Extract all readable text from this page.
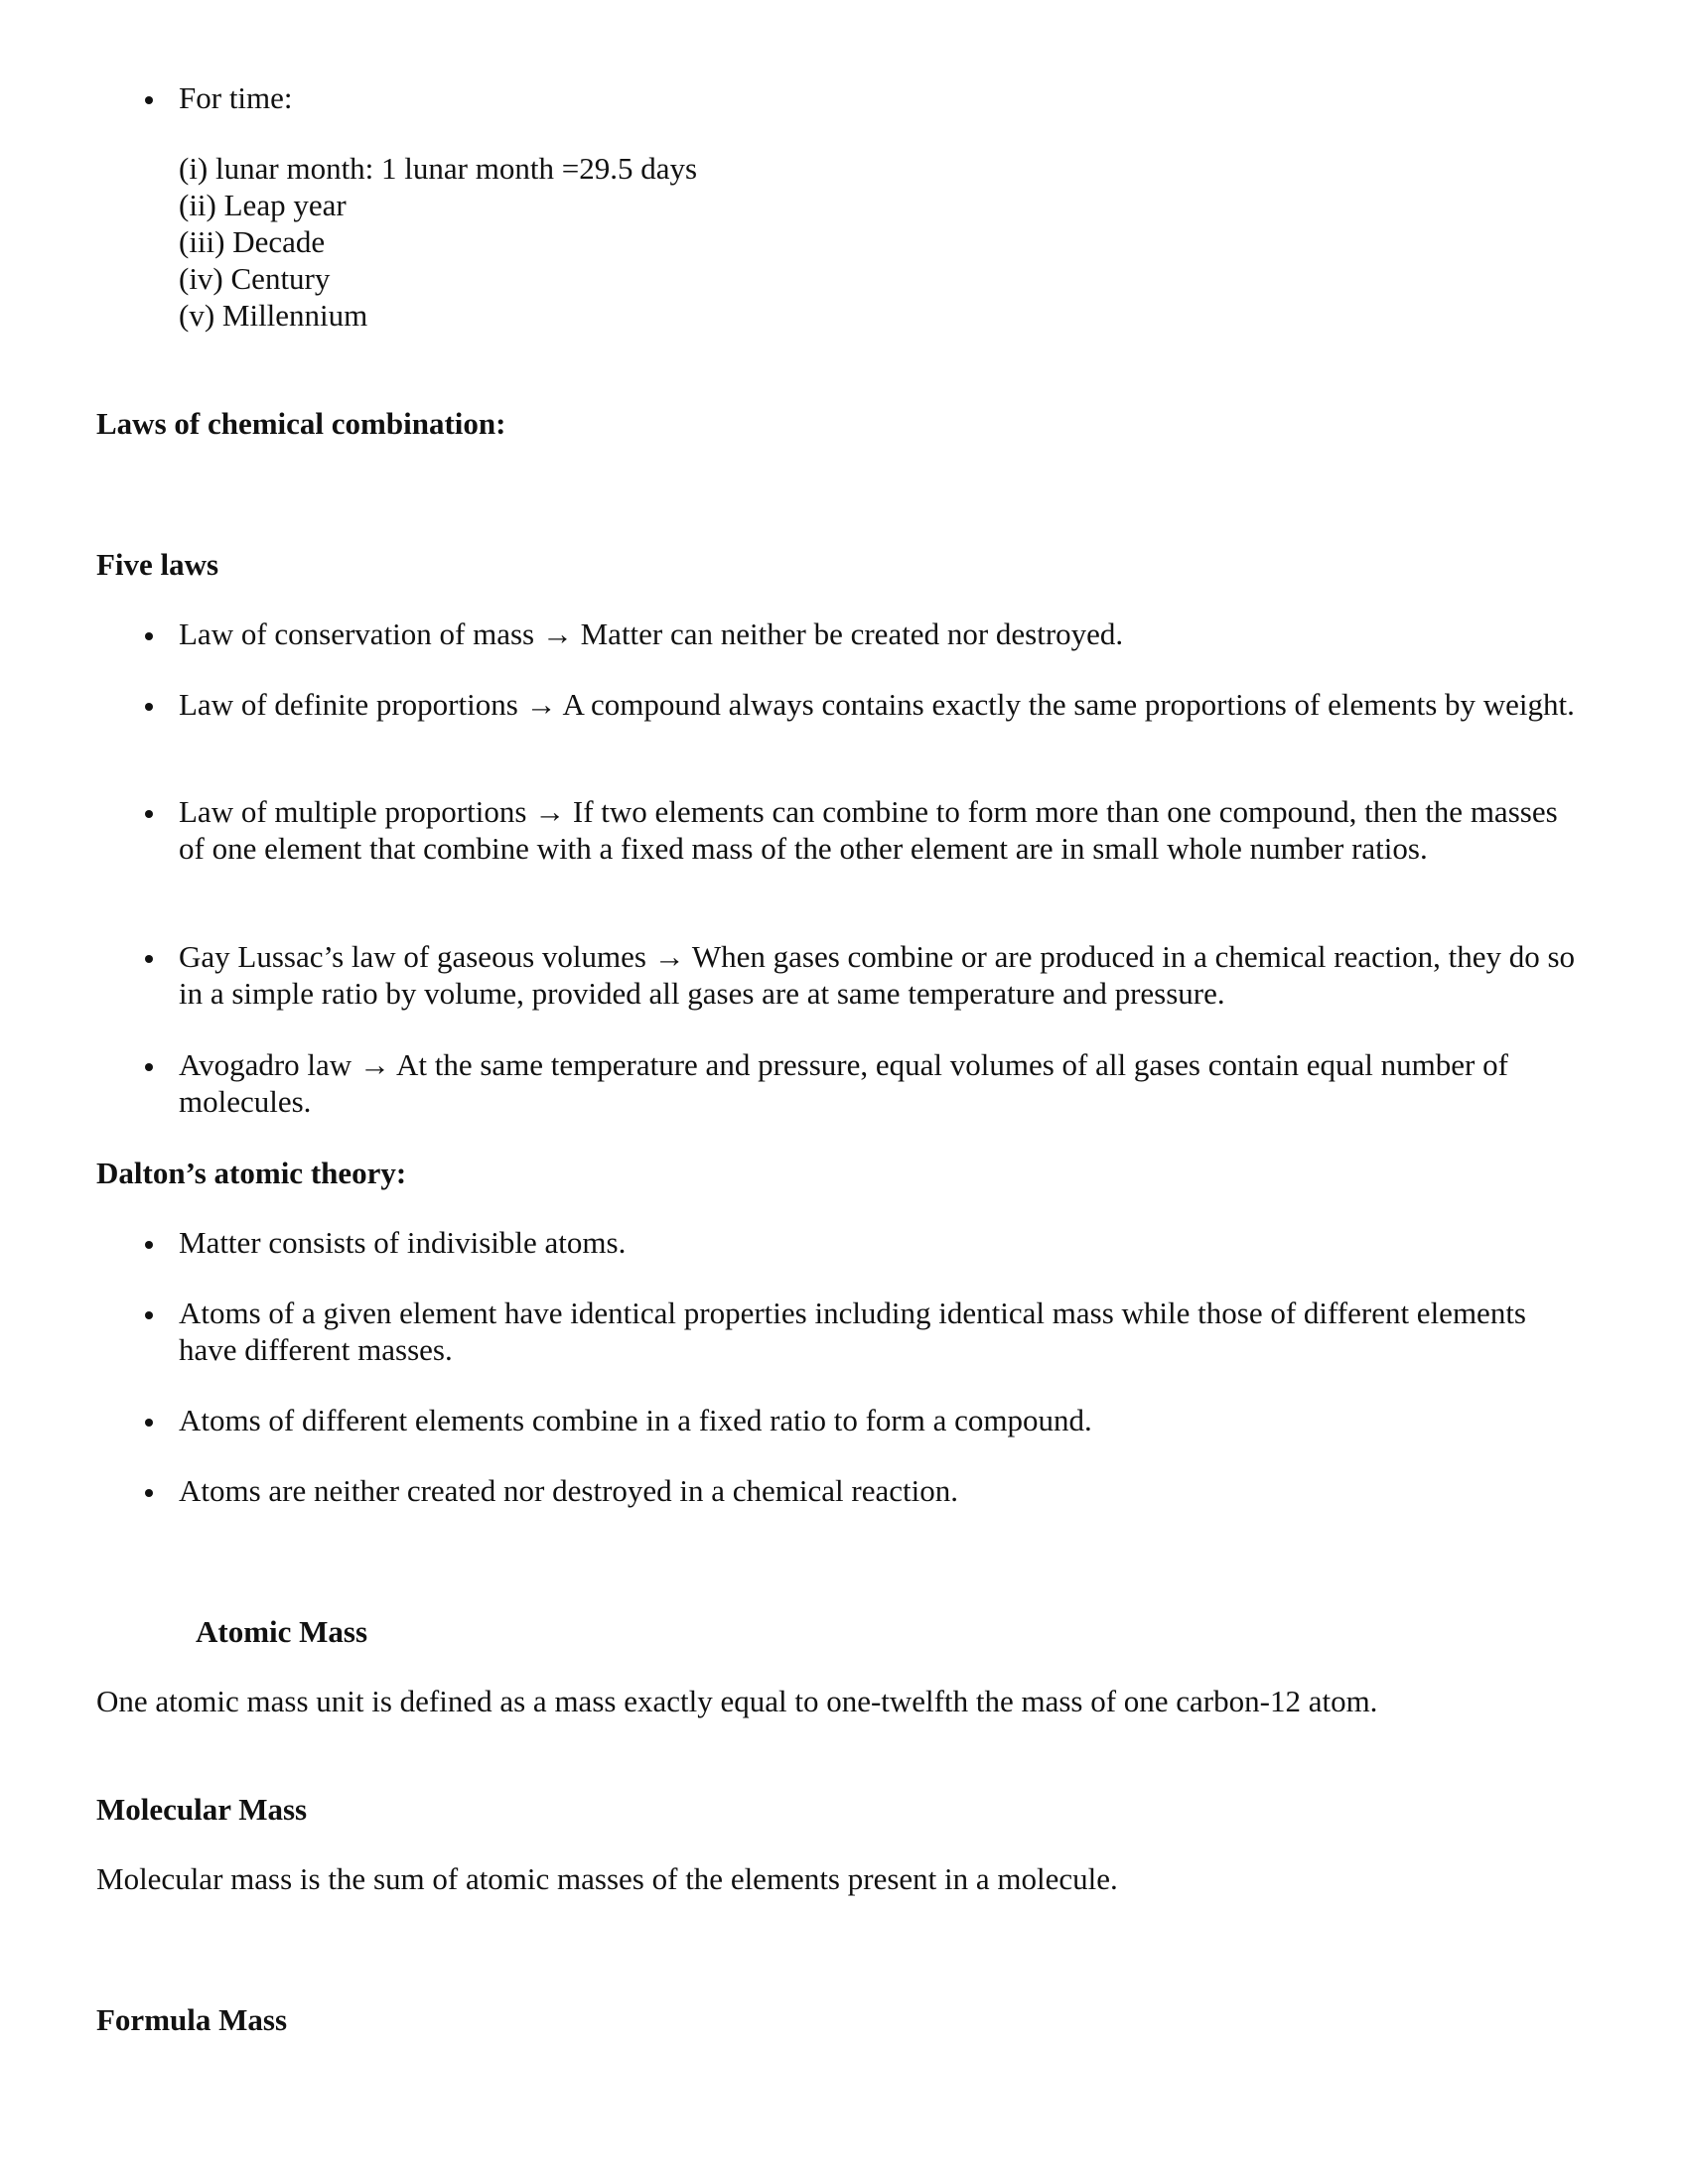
For time:
(i) lunar month: 1 lunar month =29.5 days
(ii) Leap year
(iii) Decade
(iv) Century
(v) Millennium
Laws of chemical combination:
Five laws
Law of conservation of mass → Matter can neither be created nor destroyed.
Law of definite proportions → A compound always contains exactly the same proportions of elements by weight.
Law of multiple proportions → If two elements can combine to form more than one compound, then the masses of one element that combine with a fixed mass of the other element are in small whole number ratios.
Gay Lussac’s law of gaseous volumes → When gases combine or are produced in a chemical reaction, they do so in a simple ratio by volume, provided all gases are at same temperature and pressure.
Avogadro law → At the same temperature and pressure, equal volumes of all gases contain equal number of molecules.
Dalton’s atomic theory:
Matter consists of indivisible atoms.
Atoms of a given element have identical properties including identical mass while those of different elements have different masses.
Atoms of different elements combine in a fixed ratio to form a compound.
Atoms are neither created nor destroyed in a chemical reaction.
Atomic Mass
One atomic mass unit is defined as a mass exactly equal to one-twelfth the mass of one carbon-12 atom.
Molecular Mass
Molecular mass is the sum of atomic masses of the elements present in a molecule.
Formula Mass
